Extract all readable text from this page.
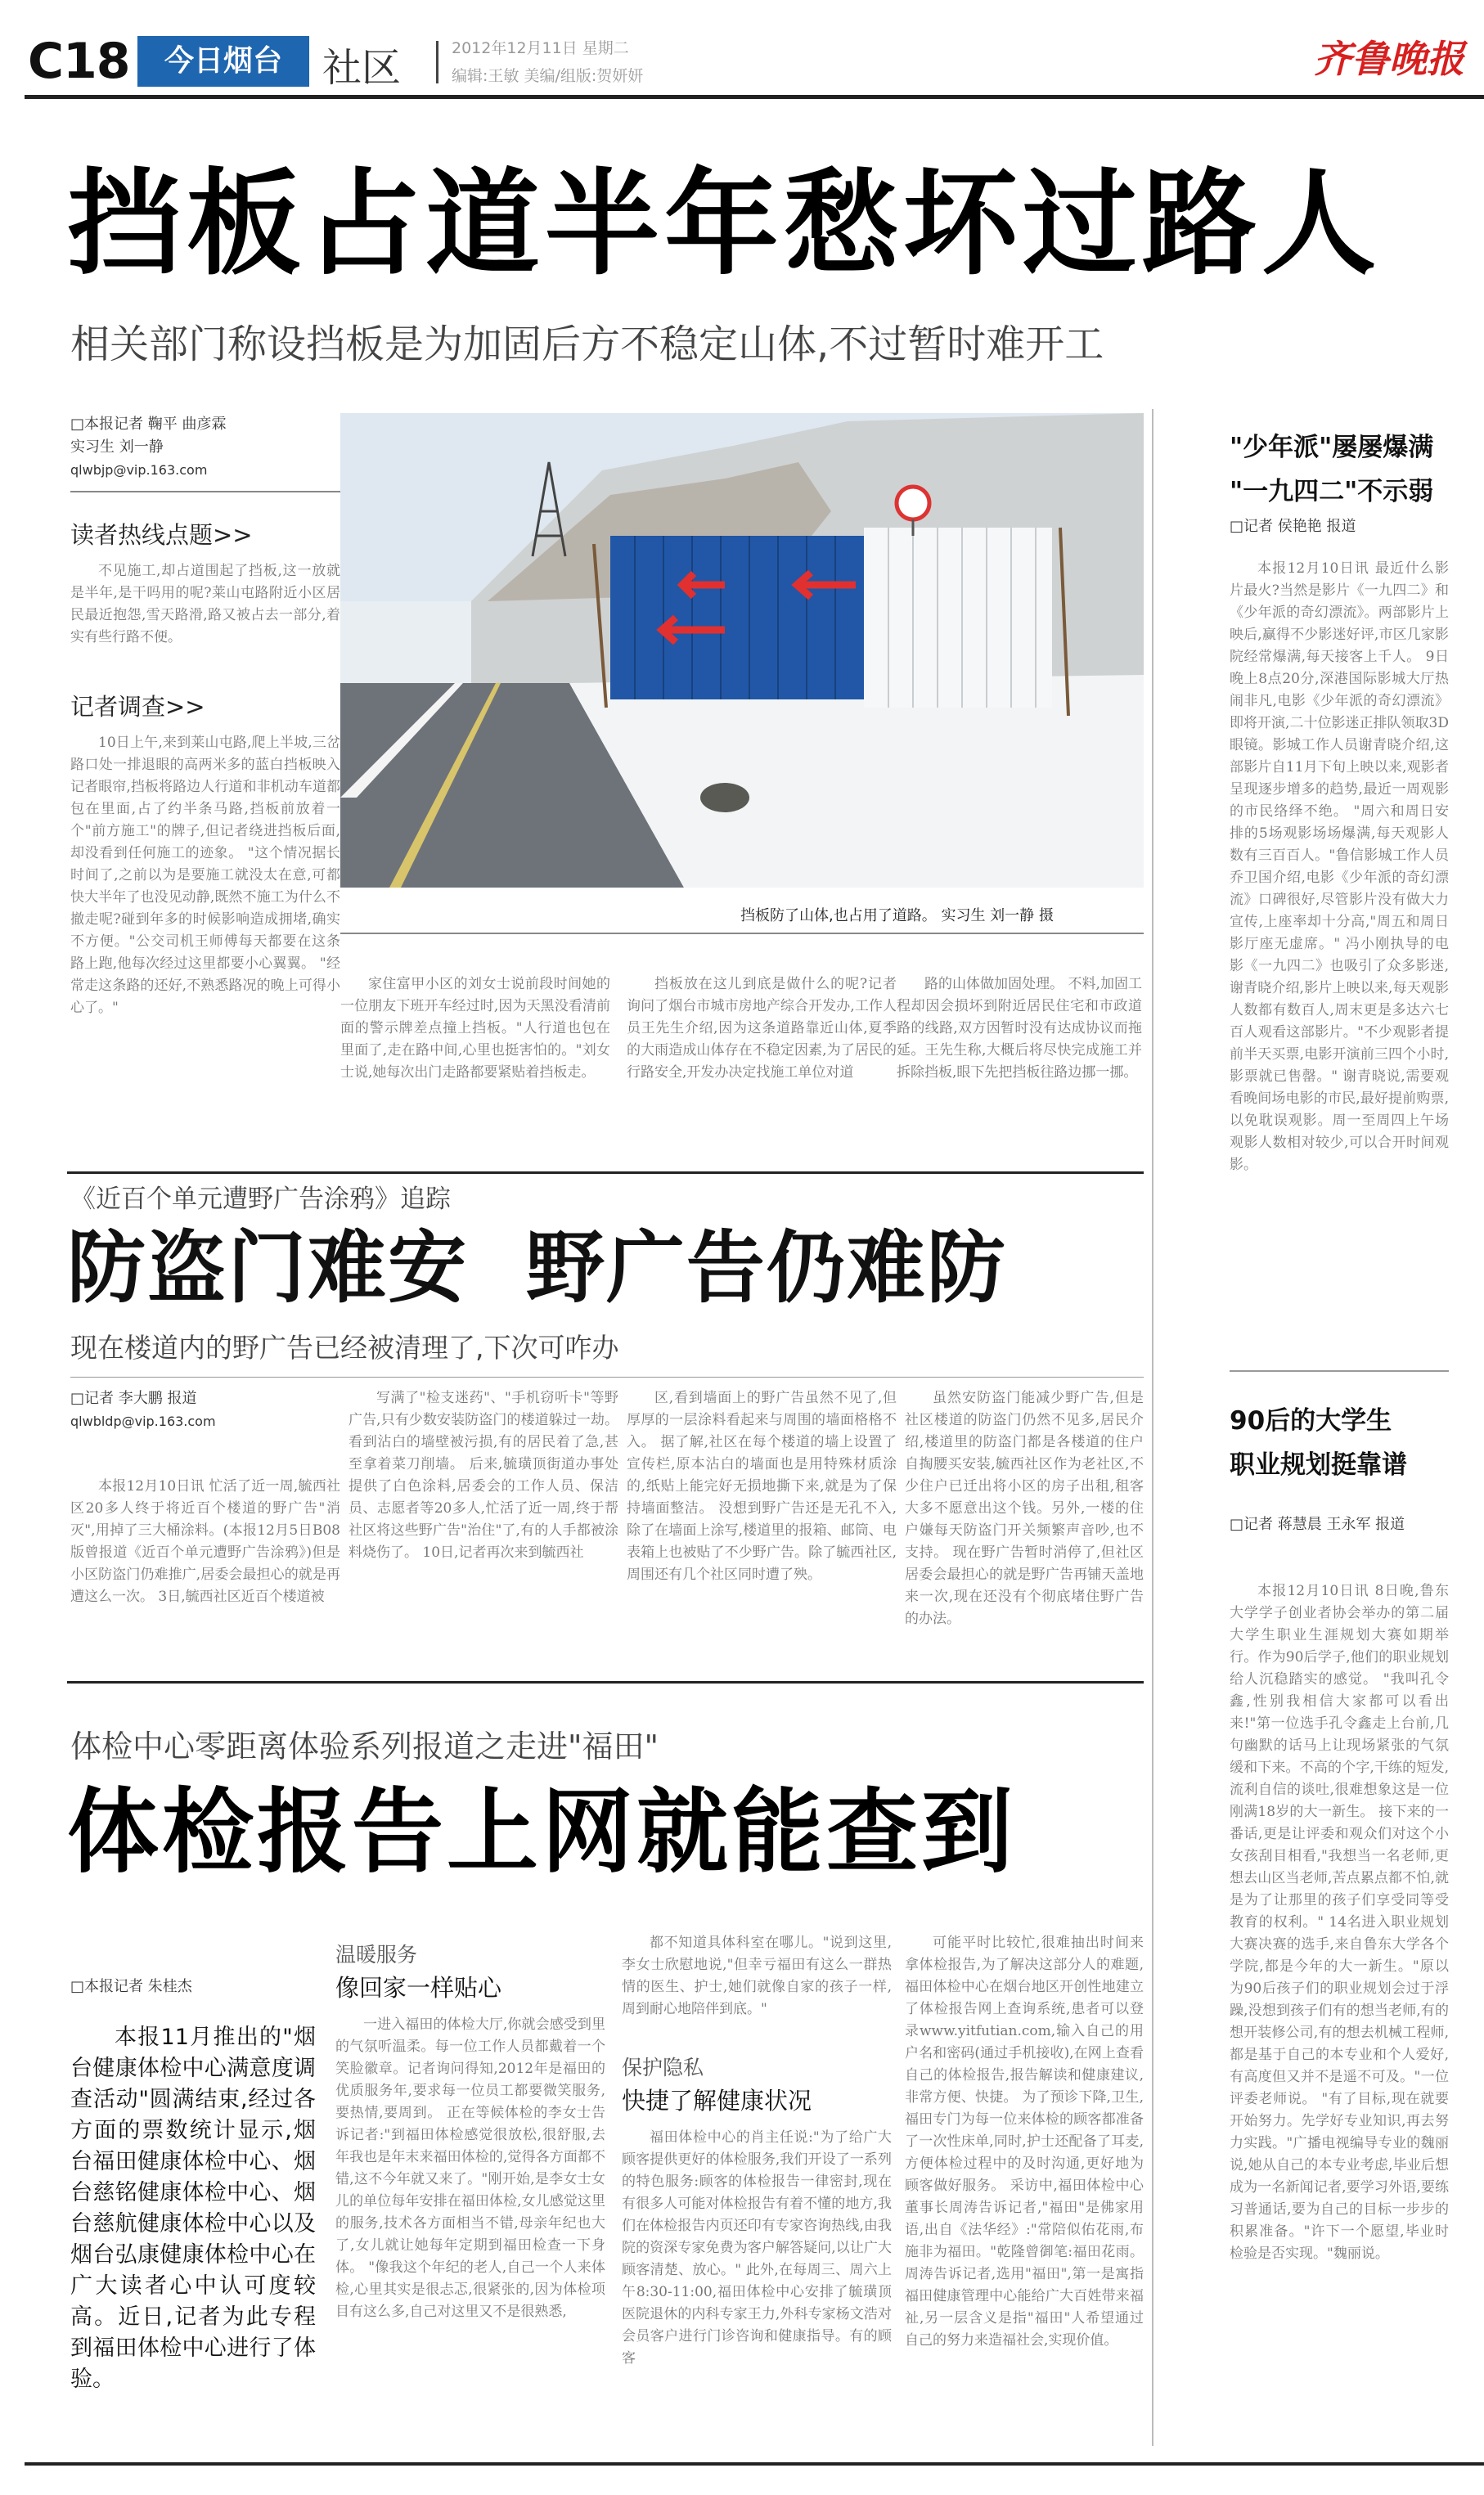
C18	今日烟台	社区	2012年12月11日 星期二
编辑:王敏 美编/组版:贺妍妍	齐鲁晚报
挡板占道半年愁坏过路人
相关部门称设挡板是为加固后方不稳定山体,不过暂时难开工
□本报记者 鞠平 曲彦霖
实习生 刘一静
qlwbjp@vip.163.com
读者热线点题>>
不见施工,却占道围起了挡板,这一放就是半年,是干吗用的呢?莱山屯路附近小区居民最近抱怨,雪天路滑,路又被占去一部分,着实有些行路不便。
记者调查>>
10日上午,来到莱山屯路,爬上半坡,三岔路口处一排退眼的高两米多的蓝白挡板映入记者眼帘,挡板将路边人行道和非机动车道都包在里面,占了约半条马路,挡板前放着一个"前方施工"的牌子,但记者绕进挡板后面,却没看到任何施工的迹象。 "这个情况据长时间了,之前以为是要施工就没太在意,可都快大半年了也没见动静,既然不施工为什么不撤走呢?碰到年多的时候影响造成拥堵,确实不方便。"公交司机王师傅每天都要在这条路上跑,他每次经过这里都要小心翼翼。 "经常走这条路的还好,不熟悉路况的晚上可得小心了。"
挡板防了山体,也占用了道路。 实习生 刘一静 摄
家住富甲小区的刘女士说前段时间她的一位朋友下班开车经过时,因为天黑没看清前面的警示牌差点撞上挡板。"人行道也包在里面了,走在路中间,心里也挺害怕的。"刘女士说,她每次出门走路都要紧贴着挡板走。
挡板放在这儿到底是做什么的呢?记者询问了烟台市城市房地产综合开发办,工作人员王先生介绍,因为这条道路靠近山体,夏季的大雨造成山体存在不稳定因素,为了居民的行路安全,开发办决定找施工单位对道
路的山体做加固处理。 不料,加固工程却因会损坏到附近居民住宅和市政道路的线路,双方因暂时没有达成协议而拖延。王先生称,大概后将尽快完成施工并拆除挡板,眼下先把挡板往路边挪一挪。
《近百个单元遭野广告涂鸦》追踪
防盗门难安  野广告仍难防
现在楼道内的野广告已经被清理了,下次可咋办
□记者 李大鹏 报道
qlwbldp@vip.163.com
本报12月10日讯 忙活了近一周,毓西社区20多人终于将近百个楼道的野广告"消灭",用掉了三大桶涂料。(本报12月5日B08版曾报道《近百个单元遭野广告涂鸦》)但是小区防盗门仍难推广,居委会最担心的就是再遭这么一次。 3日,毓西社区近百个楼道被
写满了"检支迷药"、"手机窃听卡"等野广告,只有少数安装防盗门的楼道躲过一劫。 看到沾白的墙壁被污损,有的居民着了急,甚至拿着菜刀削墙。 后来,毓璜顶街道办事处提供了白色涂料,居委会的工作人员、保洁员、志愿者等20多人,忙活了近一周,终于帮社区将这些野广告"治住"了,有的人手都被涂料烧伤了。 10日,记者再次来到毓西社
区,看到墙面上的野广告虽然不见了,但厚厚的一层涂料看起来与周围的墙面格格不入。 据了解,社区在每个楼道的墙上设置了宣传栏,原本沾白的墙面也是用特殊材质涂的,纸贴上能完好无损地撕下来,就是为了保持墙面整洁。 没想到野广告还是无孔不入,除了在墙面上涂写,楼道里的报箱、邮筒、电表箱上也被贴了不少野广告。除了毓西社区,周围还有几个社区同时遭了殃。
虽然安防盗门能减少野广告,但是社区楼道的防盗门仍然不见多,居民介绍,楼道里的防盗门都是各楼道的住户自掏腰买安装,毓西社区作为老社区,不少住户已迁出将小区的房子出租,租客大多不愿意出这个钱。另外,一楼的住户嫌每天防盗门开关频繁声音吵,也不支持。 现在野广告暂时消停了,但社区居委会最担心的就是野广告再铺天盖地来一次,现在还没有个彻底堵住野广告的办法。
体检中心零距离体验系列报道之走进"福田"
体检报告上网就能查到
□本报记者 朱桂杰
本报11月推出的"烟台健康体检中心满意度调查活动"圆满结束,经过各方面的票数统计显示,烟台福田健康体检中心、烟台慈铭健康体检中心、烟台慈航健康体检中心以及烟台弘康健康体检中心在广大读者心中认可度较高。近日,记者为此专程到福田体检中心进行了体验。
温暖服务
像回家一样贴心
一进入福田的体检大厅,你就会感受到里的气氛听温柔。每一位工作人员都戴着一个笑脸徽章。记者询问得知,2012年是福田的优质服务年,要求每一位员工都要微笑服务,要热情,要周到。 正在等候体检的李女士告诉记者:"到福田体检感觉很放松,很舒服,去年我也是年末来福田体检的,觉得各方面都不错,这不今年就又来了。"刚开始,是李女士女儿的单位每年安排在福田体检,女儿感觉这里的服务,技术各方面相当不错,母亲年纪也大了,女儿就让她每年定期到福田检查一下身体。 "像我这个年纪的老人,自己一个人来体检,心里其实是很忐忑,很紧张的,因为体检项目有这么多,自己对这里又不是很熟悉,
都不知道具体科室在哪儿。"说到这里,李女士欣慰地说,"但幸亏福田有这么一群热情的医生、护士,她们就像自家的孩子一样,周到耐心地陪伴到底。"
保护隐私
快捷了解健康状况
福田体检中心的肖主任说:"为了给广大顾客提供更好的体检服务,我们开设了一系列的特色服务:顾客的体检报告一律密封,现在有很多人可能对体检报告有着不懂的地方,我们在体检报告内页还印有专家咨询热线,由我院的资深专家免费为客户解答疑问,以让广大顾客清楚、放心。" 此外,在每周三、周六上午8:30-11:00,福田体检中心安排了毓璜顶医院退休的内科专家王力,外科专家杨文浩对会员客户进行门诊咨询和健康指导。有的顾客
可能平时比较忙,很难抽出时间来拿体检报告,为了解决这部分人的难题,福田体检中心在烟台地区开创性地建立了体检报告网上查询系统,患者可以登录www.yitfutian.com,输入自己的用户名和密码(通过手机接收),在网上查看自己的体检报告,报告解读和健康建议,非常方便、快捷。 为了预诊下降,卫生,福田专门为每一位来体检的顾客都准备了一次性床单,同时,护士还配备了耳麦,方便体检过程中的及时沟通,更好地为顾客做好服务。 采访中,福田体检中心董事长周涛告诉记者,"福田"是佛家用语,出自《法华经》:"常陪似佑花雨,布施非为福田。"乾隆曾御笔:福田花雨。 周涛告诉记者,选用"福田",第一是寓指福田健康管理中心能给广大百姓带来福祉,另一层含义是指"福田"人希望通过自己的努力来造福社会,实现价值。
"少年派"屡屡爆满
"一九四二"不示弱
□记者 侯艳艳 报道
本报12月10日讯 最近什么影片最火?当然是影片《一九四二》和《少年派的奇幻漂流》。两部影片上映后,赢得不少影迷好评,市区几家影院经常爆满,每天接客上千人。 9日晚上8点20分,深港国际影城大厅热闹非凡,电影《少年派的奇幻漂流》即将开演,二十位影迷正排队领取3D眼镜。影城工作人员谢青晓介绍,这部影片自11月下旬上映以来,观影者呈现逐步增多的趋势,最近一周观影的市民络绎不绝。 "周六和周日安排的5场观影场场爆满,每天观影人数有三百百人。"鲁信影城工作人员乔卫国介绍,电影《少年派的奇幻漂流》口碑很好,尽管影片没有做大力宣传,上座率却十分高,"周五和周日影厅座无虚席。" 冯小刚执导的电影《一九四二》也吸引了众多影迷,谢青晓介绍,影片上映以来,每天观影人数都有数百人,周末更是多达六七百人观看这部影片。"不少观影者提前半天买票,电影开演前三四个小时,影票就已售罄。" 谢青晓说,需要观看晚间场电影的市民,最好提前购票,以免耽误观影。周一至周四上午场观影人数相对较少,可以合开时间观影。
90后的大学生
职业规划挺靠谱
□记者 蒋慧晨 王永军 报道
本报12月10日讯 8日晚,鲁东大学学子创业者协会举办的第二届大学生职业生涯规划大赛如期举行。作为90后学子,他们的职业规划给人沉稳踏实的感觉。 "我叫孔令鑫,性别我相信大家都可以看出来!"第一位选手孔令鑫走上台前,几句幽默的话马上让现场紧张的气氛缓和下来。不高的个字,干练的短发,流利自信的谈吐,很难想象这是一位刚满18岁的大一新生。 接下来的一番话,更是让评委和观众们对这个小女孩刮目相看,"我想当一名老师,更想去山区当老师,苦点累点都不怕,就是为了让那里的孩子们享受同等受教育的权利。" 14名进入职业规划大赛决赛的选手,来自鲁东大学各个学院,都是今年的大一新生。"原以为90后孩子们的职业规划会过于浮躁,没想到孩子们有的想当老师,有的想开装修公司,有的想去机械工程师,都是基于自己的本专业和个人爱好,有高度但又并不是遥不可及。"一位评委老师说。 "有了目标,现在就要开始努力。先学好专业知识,再去努力实践。"广播电视编导专业的魏丽说,她从自己的本专业考虑,毕业后想成为一名新闻记者,要学习外语,要练习普通话,要为自己的目标一步步的积累准备。"许下一个愿望,毕业时检验是否实现。"魏丽说。
